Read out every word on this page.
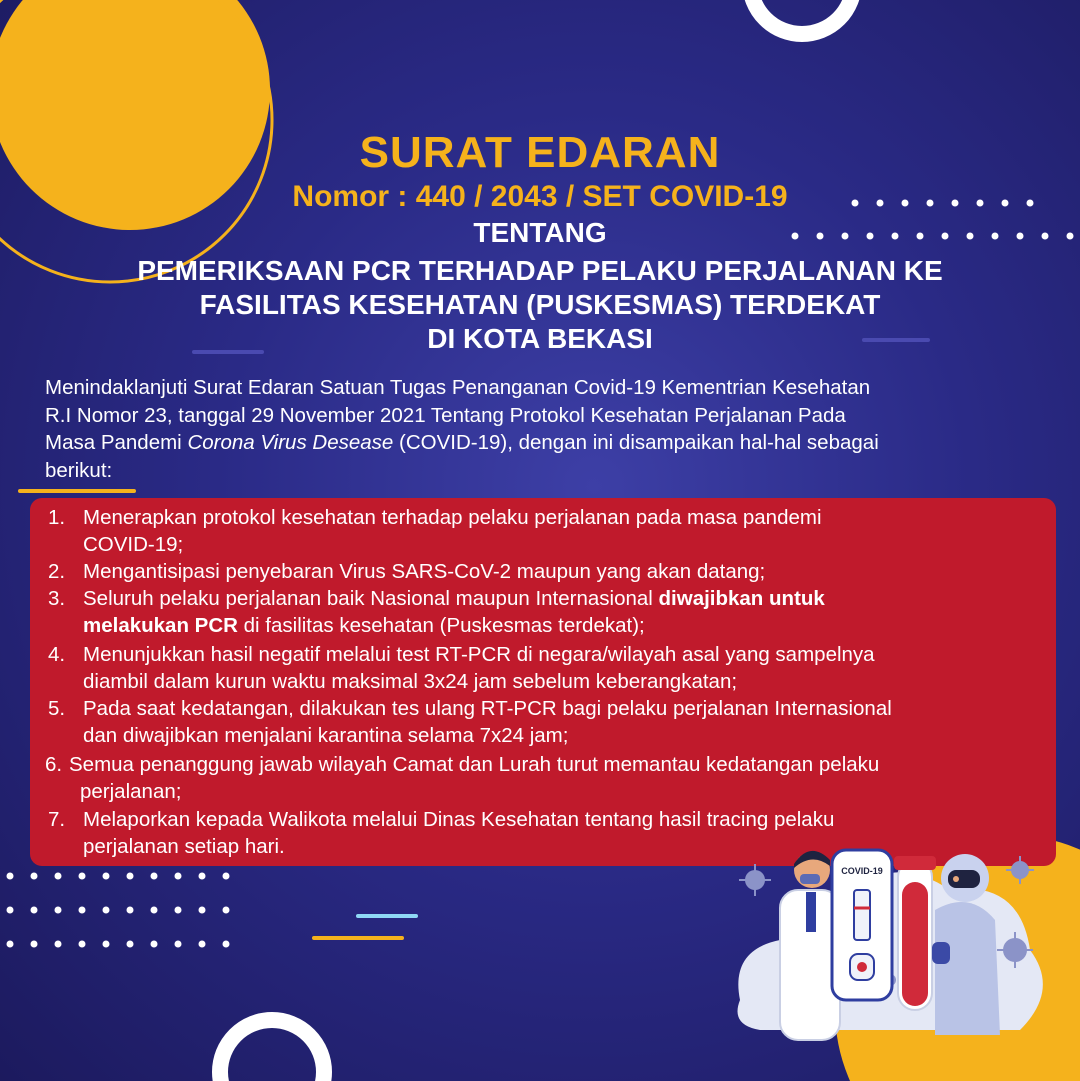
SURAT EDARAN
Nomor : 440 / 2043 / SET COVID-19
TENTANG
PEMERIKSAAN PCR TERHADAP PELAKU PERJALANAN KE
FASILITAS KESEHATAN (PUSKESMAS) TERDEKAT
DI KOTA BEKASI
Menindaklanjuti Surat Edaran Satuan Tugas Penanganan Covid-19 Kementrian Kesehatan
R.I Nomor 23, tanggal 29 November 2021 Tentang Protokol Kesehatan Perjalanan Pada
Masa Pandemi Corona Virus Desease (COVID-19), dengan ini disampaikan hal-hal sebagai
berikut:
1. Menerapkan protokol kesehatan terhadap pelaku perjalanan pada masa pandemi
COVID-19;
2. Mengantisipasi penyebaran Virus SARS-CoV-2 maupun yang akan datang;
3. Seluruh pelaku perjalanan baik Nasional maupun Internasional diwajibkan untuk
melakukan PCR di fasilitas kesehatan (Puskesmas terdekat);
4. Menunjukkan hasil negatif melalui test RT-PCR di negara/wilayah asal yang sampelnya
diambil dalam kurun waktu maksimal 3x24 jam sebelum keberangkatan;
5. Pada saat kedatangan, dilakukan tes ulang RT-PCR bagi pelaku perjalanan Internasional
dan diwajibkan menjalani karantina selama 7x24 jam;
6. Semua penanggung jawab wilayah Camat dan Lurah turut memantau kedatangan pelaku
perjalanan;
7. Melaporkan kepada Walikota melalui Dinas Kesehatan tentang hasil tracing pelaku
perjalanan setiap hari.
COVID-19
